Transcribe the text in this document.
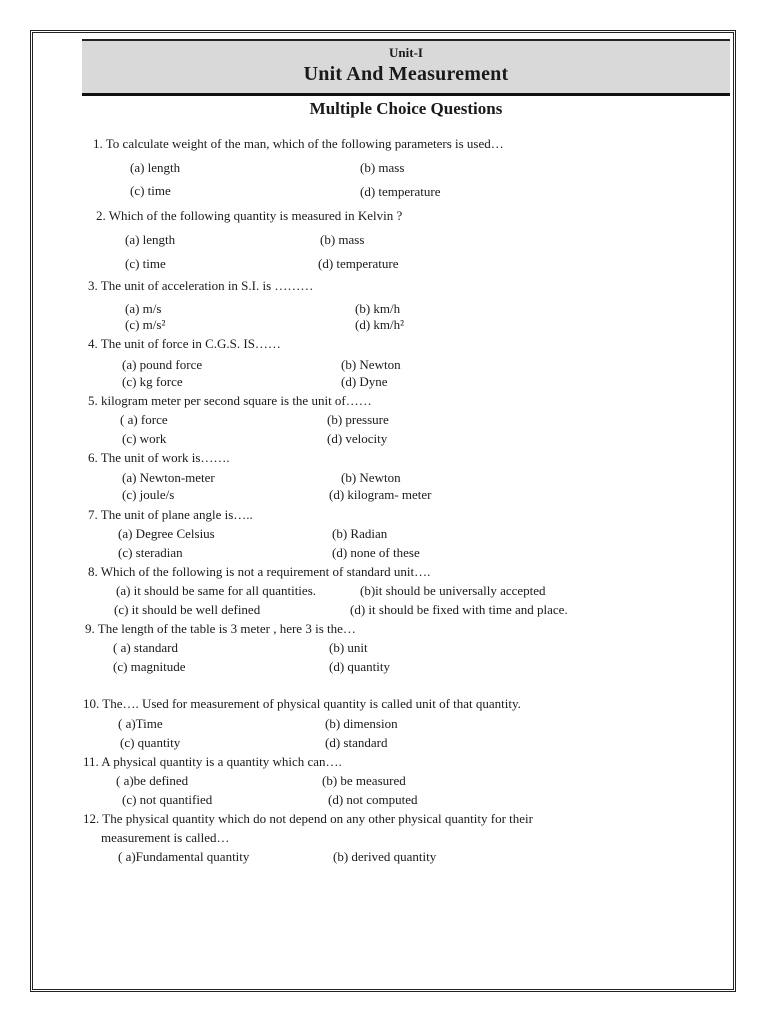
Unit-I
Unit And Measurement
Multiple Choice Questions
1. To calculate weight of the man, which of the following parameters is used…
(a) length	(b) mass
(c) time	(d) temperature
2. Which of the following quantity is measured in Kelvin ?
(a) length	(b) mass
(c) time	(d) temperature
3. The unit of acceleration in S.I. is ………
(a) m/s	(b) km/h
(c) m/s²	(d) km/h²
4. The unit of force in C.G.S. IS……
(a) pound force	(b) Newton
(c) kg force	(d) Dyne
5. kilogram meter per second square is the unit of……
( a) force	(b) pressure
(c) work	(d) velocity
6. The unit of work is…….
(a) Newton-meter	(b) Newton
(c) joule/s	(d) kilogram- meter
7. The unit of plane angle is…..
(a) Degree Celsius	(b) Radian
(c) steradian	(d) none of these
8. Which of the following is not a requirement of standard unit….
(a) it should be same for all quantities.	(b)it should be universally accepted
(c) it should be well defined	(d) it should be fixed with time and place.
9. The length of the table is 3 meter , here 3 is the…
( a) standard	(b) unit
(c) magnitude	(d) quantity
10. The…. Used for measurement of physical quantity is called unit of that quantity.
( a)Time	(b) dimension
(c) quantity	(d) standard
11. A physical quantity is a quantity which can….
( a)be defined	(b) be measured
(c) not quantified	(d) not computed
12. The physical quantity which do not depend on any other physical quantity for their
measurement is called…
( a)Fundamental quantity	(b) derived quantity
